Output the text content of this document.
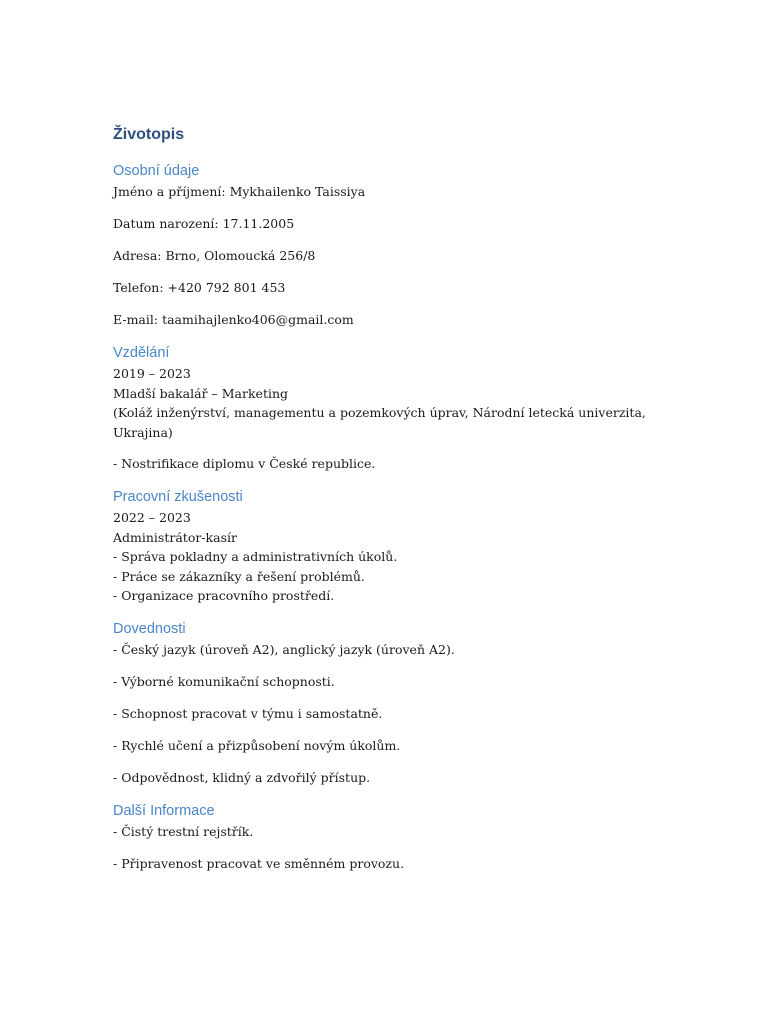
Životopis
Osobní údaje

Jméno a příjmení: Mykhailenko Taissiya

Datum narození: 17.11.2005

Adresa: Brno, Olomoucká 256/8

Telefon: +420 792 801 453

E-mail: taamihajlenko406@gmail.com

Vzdělání

2019 – 2023

Mladší bakalář – Marketing

(Koláž inženýrství, managementu a pozemkových úprav, Národní letecká univerzita,

Ukrajina)

- Nostrifikace diplomu v České republice.

Pracovní zkušenosti

2022 – 2023

Administrátor-kasír

- Správa pokladny a administrativních úkolů.

- Práce se zákazníky a řešení problémů.

- Organizace pracovního prostředí.

Dovednosti

- Český jazyk (úroveň A2), anglický jazyk (úroveň A2).

- Výborné komunikační schopnosti.

- Schopnost pracovat v týmu i samostatně.

- Rychlé učení a přizpůsobení novým úkolům.

- Odpovědnost, klidný a zdvořilý přístup.

Další Informace

- Čistý trestní rejstřík.

- Připravenost pracovat ve směnném provozu.
